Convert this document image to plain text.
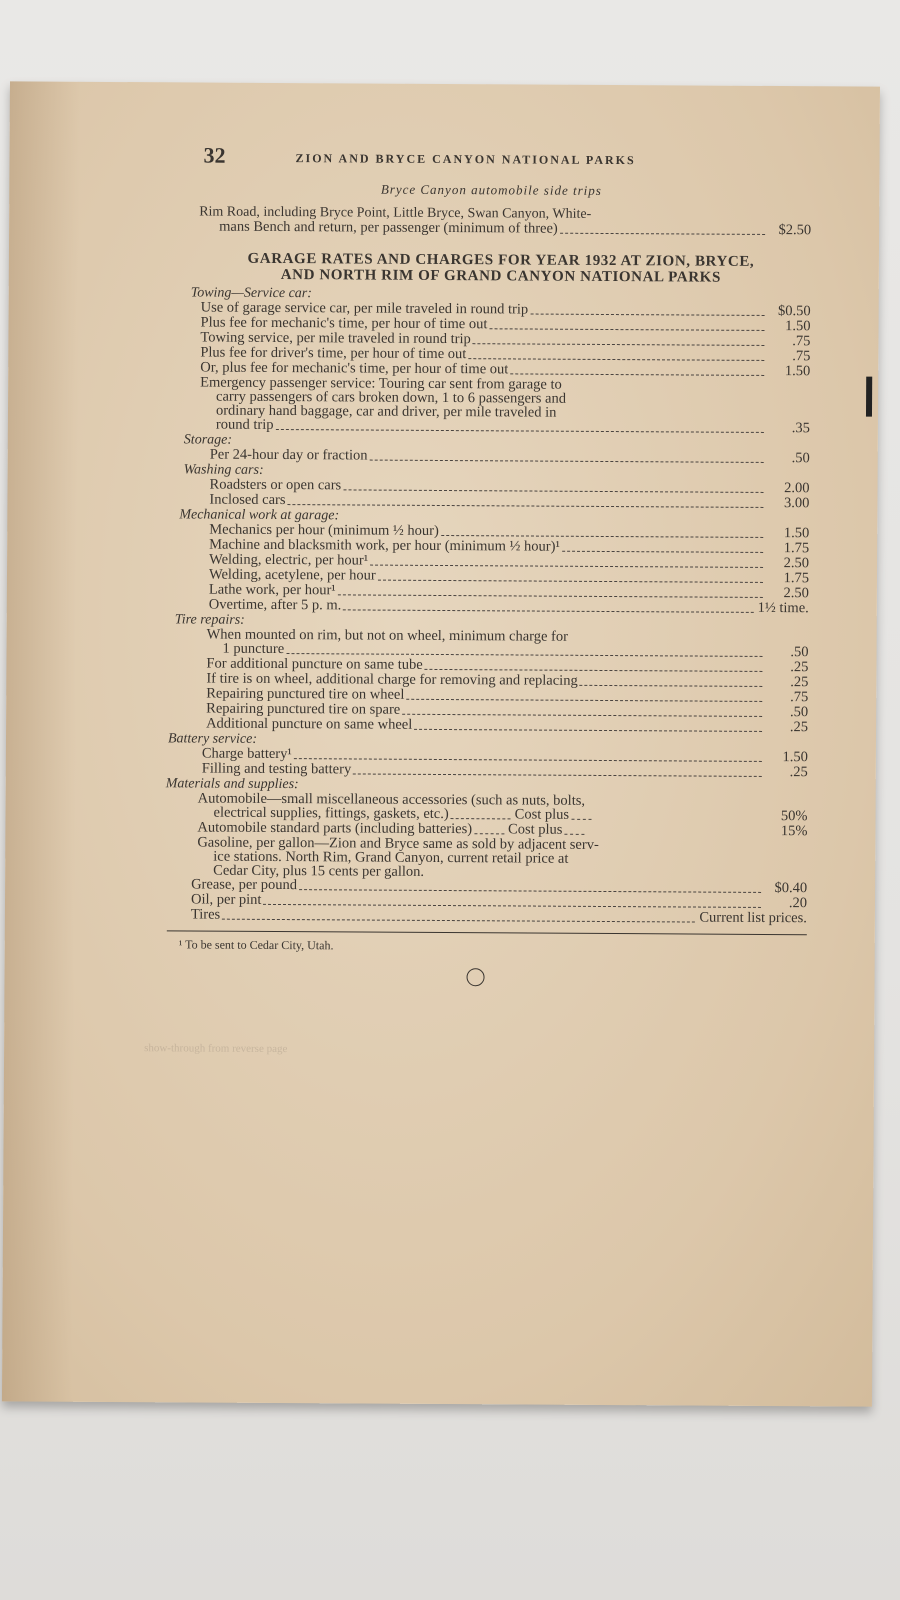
show-through from reverse page
32	ZION AND BRYCE CANYON NATIONAL PARKS
Bryce Canyon automobile side trips
Rim Road, including Bryce Point, Little Bryce, Swan Canyon, White-
mans Bench and return, per passenger (minimum of three)	$2.50
GARAGE RATES AND CHARGES FOR YEAR 1932 AT ZION, BRYCE,
AND NORTH RIM OF GRAND CANYON NATIONAL PARKS
Towing—Service car:
Use of garage service car, per mile traveled in round trip	$0.50
Plus fee for mechanic's time, per hour of time out	1.50
Towing service, per mile traveled in round trip	.75
Plus fee for driver's time, per hour of time out	.75
Or, plus fee for mechanic's time, per hour of time out	1.50
Emergency passenger service: Touring car sent from garage to
carry passengers of cars broken down, 1 to 6 passengers and
ordinary hand baggage, car and driver, per mile traveled in
round trip	.35
Storage:
Per 24-hour day or fraction	.50
Washing cars:
Roadsters or open cars	2.00
Inclosed cars	3.00
Mechanical work at garage:
Mechanics per hour (minimum ½ hour)	1.50
Machine and blacksmith work, per hour (minimum ½ hour)¹	1.75
Welding, electric, per hour¹	2.50
Welding, acetylene, per hour	1.75
Lathe work, per hour¹	2.50
Overtime, after 5 p. m.	1½ time.
Tire repairs:
When mounted on rim, but not on wheel, minimum charge for
1 puncture	.50
For additional puncture on same tube	.25
If tire is on wheel, additional charge for removing and replacing	.25
Repairing punctured tire on wheel	.75
Repairing punctured tire on spare	.50
Additional puncture on same wheel	.25
Battery service:
Charge battery¹	1.50
Filling and testing battery	.25
Materials and supplies:
Automobile—small miscellaneous accessories (such as nuts, bolts,
electrical supplies, fittings, gaskets, etc.)	Cost plus	50%
Automobile standard parts (including batteries) Cost plus	15%
Gasoline, per gallon—Zion and Bryce same as sold by adjacent serv-
ice stations. North Rim, Grand Canyon, current retail price at
Cedar City, plus 15 cents per gallon.
Grease, per pound	$0.40
Oil, per pint	.20
Tires	Current list prices.
¹ To be sent to Cedar City, Utah.
